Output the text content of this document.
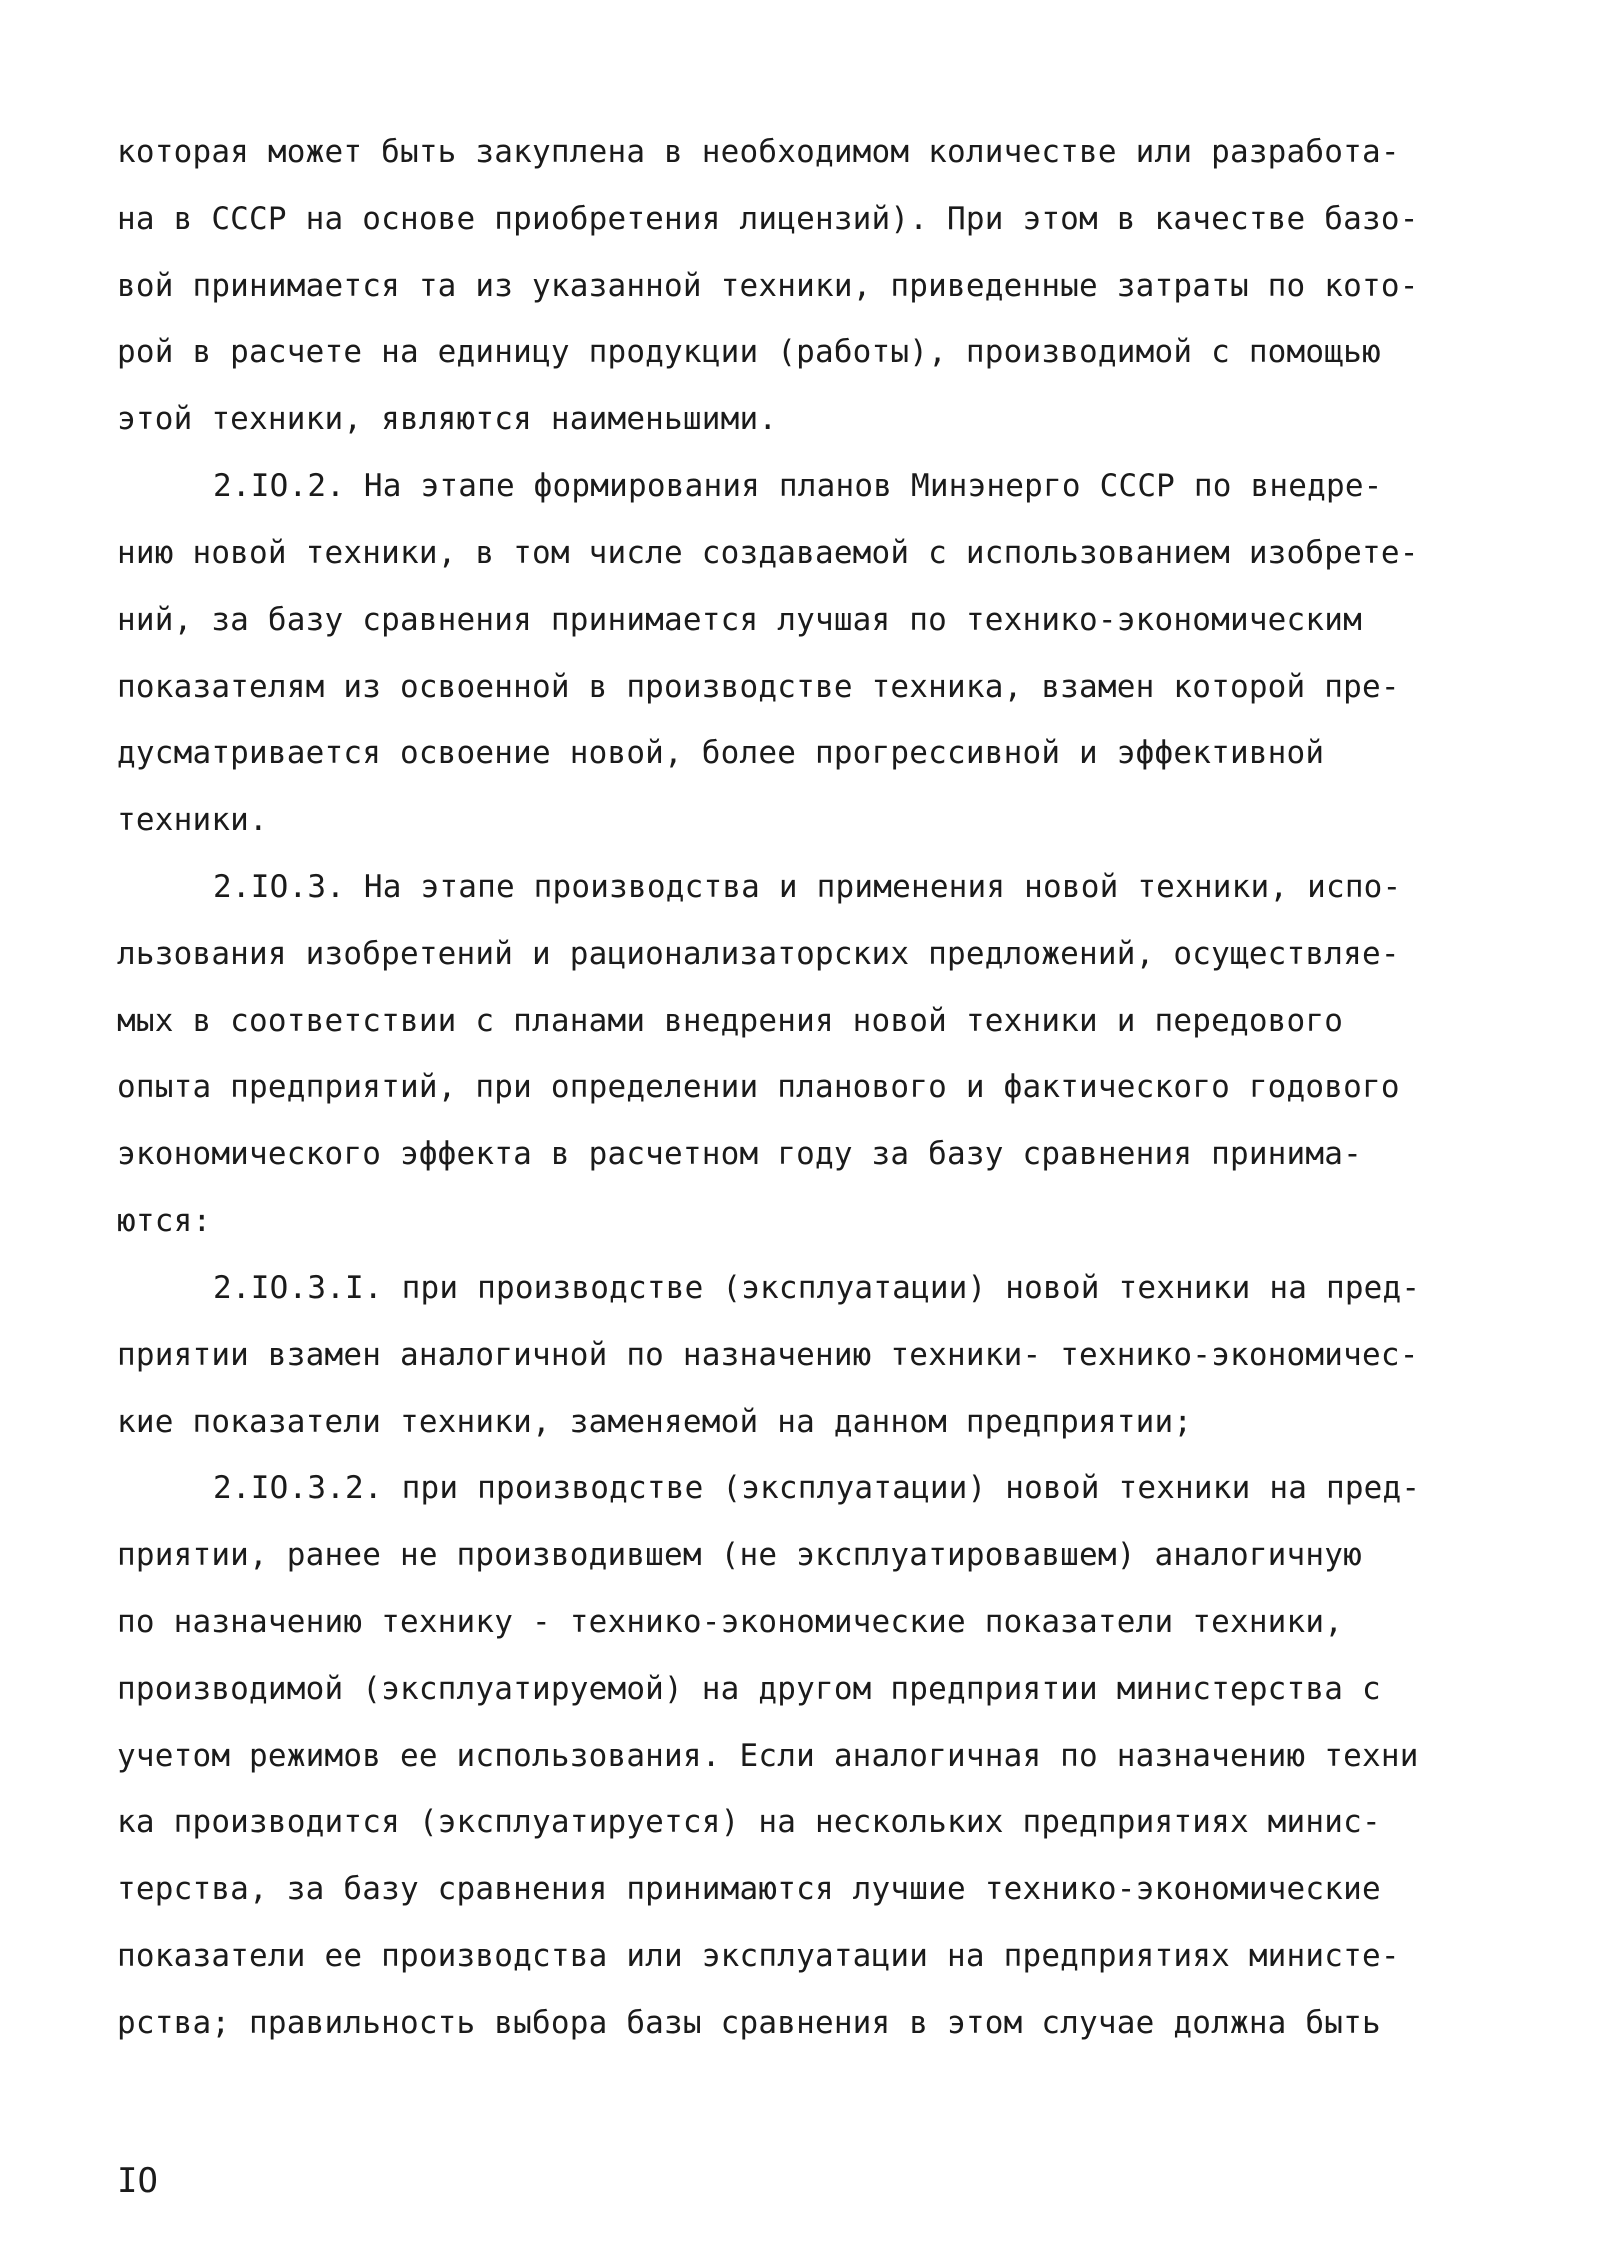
которая может быть закуплена в необходимом количестве или разработа-
на в СССР на основе приобретения лицензий). При этом в качестве базо-
вой принимается та из указанной техники, приведенные затраты по кото-
рой в расчете на единицу продукции (работы), производимой с помощью
этой техники, являются наименьшими.
2.IO.2. На этапе формирования планов Минэнерго СССР по внедре-
нию новой техники, в том числе создаваемой с использованием изобрете-
ний, за базу сравнения принимается лучшая по технико-экономическим
показателям из освоенной в производстве техника, взамен которой пре-
дусматривается освоение новой, более прогрессивной и эффективной
техники.
2.IO.3. На этапе производства и применения новой техники, испо-
льзования изобретений и рационализаторских предложений, осуществляе-
мых в соответствии с планами внедрения новой техники и передового
опыта предприятий, при определении планового и фактического годового
экономического эффекта в расчетном году за базу сравнения принима-
ются:
2.IO.3.I. при производстве (эксплуатации) новой техники на пред-
приятии взамен аналогичной по назначению техники- технико-экономичес-
кие показатели техники, заменяемой на данном предприятии;
2.IO.3.2. при производстве (эксплуатации) новой техники на пред-
приятии, ранее не производившем (не эксплуатировавшем) аналогичную
по назначению технику - технико-экономические показатели техники,
производимой (эксплуатируемой) на другом предприятии министерства с
учетом режимов ее использования. Если аналогичная по назначению техни
ка производится (эксплуатируется) на нескольких предприятиях минис-
терства, за базу сравнения принимаются лучшие технико-экономические
показатели ее производства или эксплуатации на предприятиях министе-
рства; правильность выбора базы сравнения в этом случае должна быть
IO
